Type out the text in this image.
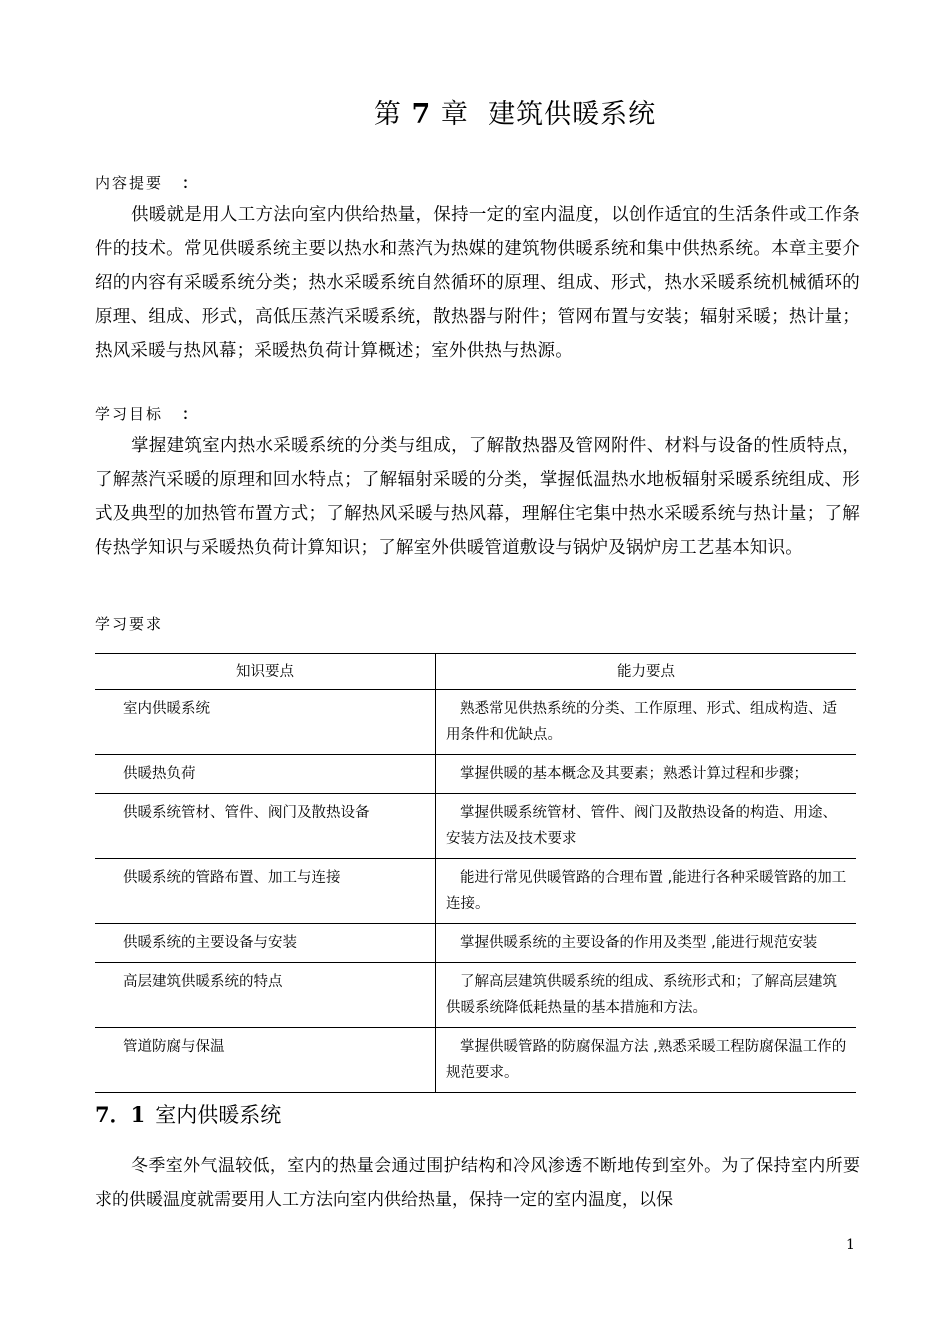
第 7 章 建筑供暖系统
内容提要 ：
供暖就是用人工方法向室内供给热量，保持一定的室内温度，以创作适宜的生活条件或工作条件的技术。常见供暖系统主要以热水和蒸汽为热媒的建筑物供暖系统和集中供热系统。本章主要介绍的内容有采暖系统分类；热水采暖系统自然循环的原理、组成、形式，热水采暖系统机械循环的原理、组成、形式，高低压蒸汽采暖系统，散热器与附件；管网布置与安装；辐射采暖；热计量；热风采暖与热风幕；采暖热负荷计算概述；室外供热与热源。
学习目标 ：
掌握建筑室内热水采暖系统的分类与组成，了解散热器及管网附件、材料与设备的性质特点，了解蒸汽采暖的原理和回水特点；了解辐射采暖的分类，掌握低温热水地板辐射采暖系统组成、形式及典型的加热管布置方式；了解热风采暖与热风幕，理解住宅集中热水采暖系统与热计量；了解传热学知识与采暖热负荷计算知识；了解室外供暖管道敷设与锅炉及锅炉房工艺基本知识。
学习要求
知识要点	能力要点
室内供暖系统	熟悉常见供热系统的分类、工作原理、形式、组成构造、适用条件和优缺点。
供暖热负荷	掌握供暖的基本概念及其要素；熟悉计算过程和步骤；
供暖系统管材、管件、阀门及散热设备	掌握供暖系统管材、管件、阀门及散热设备的构造、用途、安装方法及技术要求
供暖系统的管路布置、加工与连接	能进行常见供暖管路的合理布置 ,能进行各种采暖管路的加工连接。
供暖系统的主要设备与安装	掌握供暖系统的主要设备的作用及类型 ,能进行规范安装
高层建筑供暖系统的特点	了解高层建筑供暖系统的组成、系统形式和；了解高层建筑供暖系统降低耗热量的基本措施和方法。
管道防腐与保温	掌握供暖管路的防腐保温方法 ,熟悉采暖工程防腐保温工作的规范要求。
7．1 室内供暖系统
冬季室外气温较低，室内的热量会通过围护结构和冷风渗透不断地传到室外。为了保持室内所要求的供暖温度就需要用人工方法向室内供给热量，保持一定的室内温度，以保
1
